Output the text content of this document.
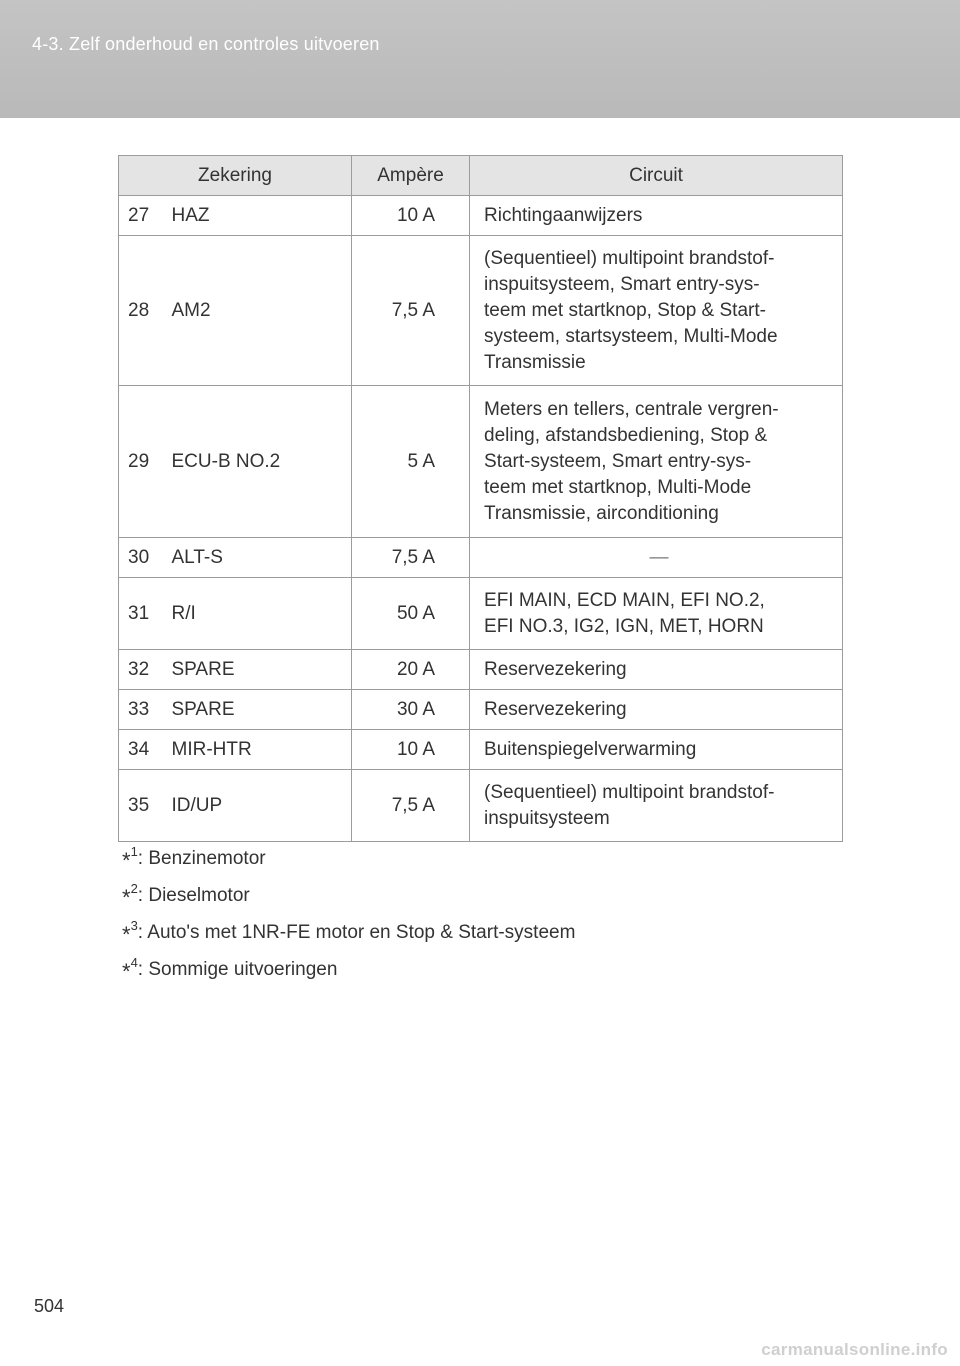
4-3. Zelf onderhoud en controles uitvoeren
Zekering		Ampère	Circuit
27	HAZ	10 A	Richtingaanwijzers
28	AM2	7,5 A	(Sequentieel) multipoint brandstof-
inspuitsysteem, Smart entry-sys-
teem met startknop, Stop & Start-
systeem, startsysteem, Multi-Mode
Transmissie
29	ECU-B NO.2	5 A	Meters en tellers, centrale vergren-
deling, afstandsbediening, Stop &
Start-systeem, Smart entry-sys-
teem met startknop, Multi-Mode
Transmissie, airconditioning
30	ALT-S	7,5 A	—
31	R/I	50 A	EFI MAIN, ECD MAIN, EFI NO.2,
EFI NO.3, IG2, IGN, MET, HORN
32	SPARE	20 A	Reservezekering
33	SPARE	30 A	Reservezekering
34	MIR-HTR	10 A	Buitenspiegelverwarming
35	ID/UP	7,5 A	(Sequentieel) multipoint brandstof-
inspuitsysteem
*$^1$: Benzinemotor
*$^2$: Dieselmotor
*$^3$: Auto's met 1NR-FE motor en Stop & Start-systeem
*$^4$: Sommige uitvoeringen
504
carmanualsonline.info
